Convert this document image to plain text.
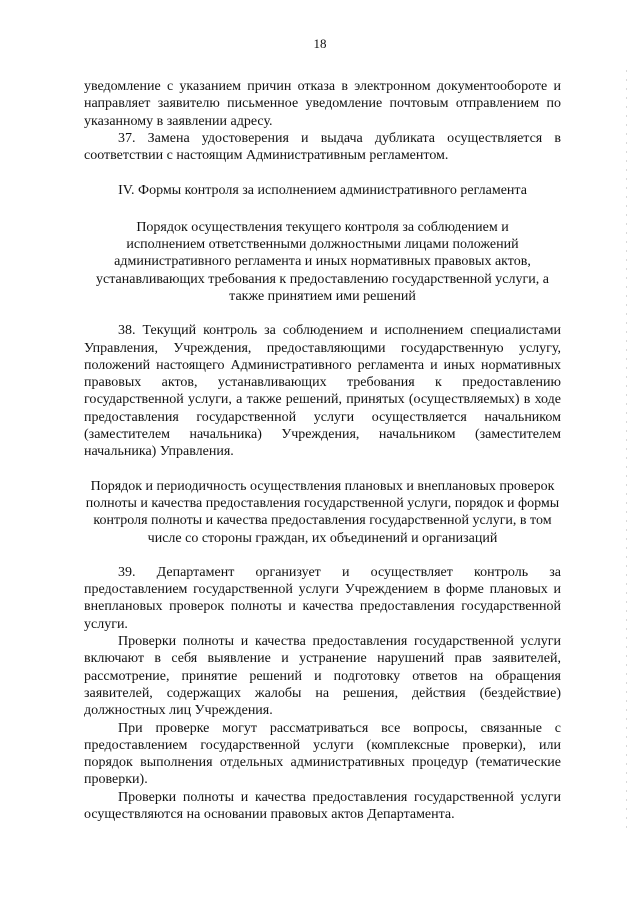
18

уведомление с указанием причин отказа в электронном документообороте и направляет заявителю письменное уведомление почтовым отправлением по указанному в заявлении адресу.

37. Замена удостоверения и выдача дубликата осуществляется в соответствии с настоящим Административным регламентом.

IV. Формы контроля за исполнением административного регламента

Порядок осуществления текущего контроля за соблюдением и исполнением ответственными должностными лицами положений административного регламента и иных нормативных правовых актов, устанавливающих требования к предоставлению государственной услуги, а также принятием ими решений

38. Текущий контроль за соблюдением и исполнением специалистами Управления, Учреждения, предоставляющими государственную услугу, положений настоящего Административного регламента и иных нормативных правовых актов, устанавливающих требования к предоставлению государственной услуги, а также решений, принятых (осуществляемых) в ходе предоставления государственной услуги осуществляется начальником (заместителем начальника) Учреждения, начальником (заместителем начальника) Управления.

Порядок и периодичность осуществления плановых и внеплановых проверок полноты и качества предоставления государственной услуги, порядок и формы контроля полноты и качества предоставления государственной услуги, в том числе со стороны граждан, их объединений и организаций

39. Департамент организует и осуществляет контроль за предоставлением государственной услуги Учреждением в форме плановых и внеплановых проверок полноты и качества предоставления государственной услуги.

Проверки полноты и качества предоставления государственной услуги включают в себя выявление и устранение нарушений прав заявителей, рассмотрение, принятие решений и подготовку ответов на обращения заявителей, содержащих жалобы на решения, действия (бездействие) должностных лиц Учреждения.

При проверке могут рассматриваться все вопросы, связанные с предоставлением государственной услуги (комплексные проверки), или порядок выполнения отдельных административных процедур (тематические проверки).

Проверки полноты и качества предоставления государственной услуги осуществляются на основании правовых актов Департамента.
